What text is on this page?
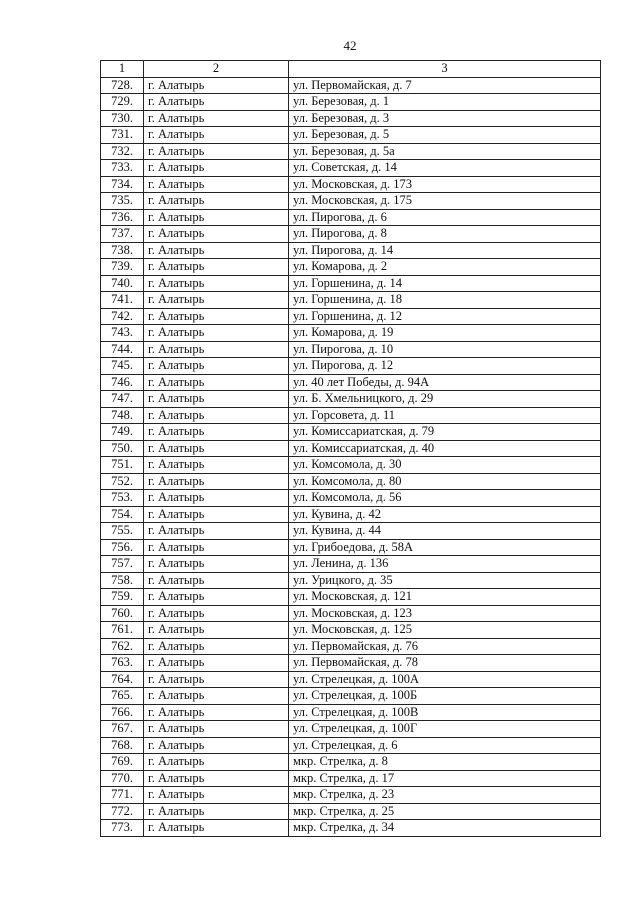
42
1	2	3
728.	г. Алатырь	ул. Первомайская, д. 7
729.	г. Алатырь	ул. Березовая, д. 1
730.	г. Алатырь	ул. Березовая, д. 3
731.	г. Алатырь	ул. Березовая, д. 5
732.	г. Алатырь	ул. Березовая, д. 5а
733.	г. Алатырь	ул. Советская, д. 14
734.	г. Алатырь	ул. Московская, д. 173
735.	г. Алатырь	ул. Московская, д. 175
736.	г. Алатырь	ул. Пирогова, д. 6
737.	г. Алатырь	ул. Пирогова, д. 8
738.	г. Алатырь	ул. Пирогова, д. 14
739.	г. Алатырь	ул. Комарова, д. 2
740.	г. Алатырь	ул. Горшенина, д. 14
741.	г. Алатырь	ул. Горшенина, д. 18
742.	г. Алатырь	ул. Горшенина, д. 12
743.	г. Алатырь	ул. Комарова, д. 19
744.	г. Алатырь	ул. Пирогова, д. 10
745.	г. Алатырь	ул. Пирогова, д. 12
746.	г. Алатырь	ул. 40 лет Победы, д. 94А
747.	г. Алатырь	ул. Б. Хмельницкого, д. 29
748.	г. Алатырь	ул. Горсовета, д. 11
749.	г. Алатырь	ул. Комиссариатская, д. 79
750.	г. Алатырь	ул. Комиссариатская, д. 40
751.	г. Алатырь	ул. Комсомола, д. 30
752.	г. Алатырь	ул. Комсомола, д. 80
753.	г. Алатырь	ул. Комсомола, д. 56
754.	г. Алатырь	ул. Кувина, д. 42
755.	г. Алатырь	ул. Кувина, д. 44
756.	г. Алатырь	ул. Грибоедова, д. 58А
757.	г. Алатырь	ул. Ленина, д. 136
758.	г. Алатырь	ул. Урицкого, д. 35
759.	г. Алатырь	ул. Московская, д. 121
760.	г. Алатырь	ул. Московская, д. 123
761.	г. Алатырь	ул. Московская, д. 125
762.	г. Алатырь	ул. Первомайская, д. 76
763.	г. Алатырь	ул. Первомайская, д. 78
764.	г. Алатырь	ул. Стрелецкая, д. 100А
765.	г. Алатырь	ул. Стрелецкая, д. 100Б
766.	г. Алатырь	ул. Стрелецкая, д. 100В
767.	г. Алатырь	ул. Стрелецкая, д. 100Г
768.	г. Алатырь	ул. Стрелецкая, д. 6
769.	г. Алатырь	мкр. Стрелка, д. 8
770.	г. Алатырь	мкр. Стрелка, д. 17
771.	г. Алатырь	мкр. Стрелка, д. 23
772.	г. Алатырь	мкр. Стрелка, д. 25
773.	г. Алатырь	мкр. Стрелка, д. 34
